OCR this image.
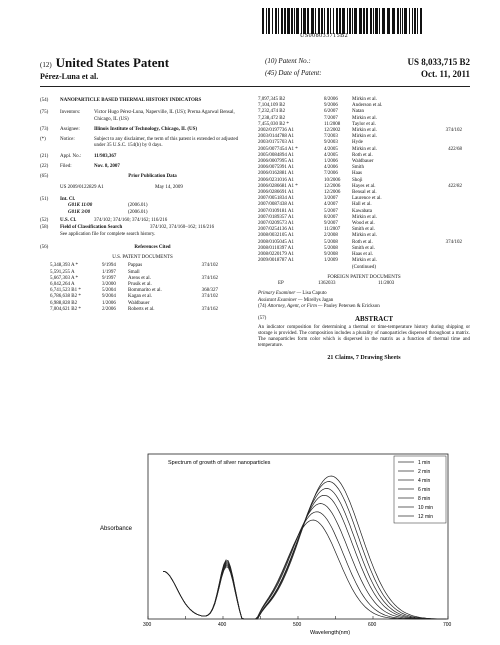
US008033715B2
(12) United States Patent
Pérez-Luna et al.
(10) Patent No.:	US 8,033,715 B2
(45) Date of Patent:	Oct. 11, 2011
(54)	NANOPARTICLE BASED THERMAL HISTORY INDICATORS
(75)	Inventors:	Victor Hugo Pérez-Luna, Naperville, IL (US); Prerna Agarwal Bensal, Chicago, IL (US)
(73)	Assignee:	Illinois Institute of Technology, Chicago, IL (US)
(*)	Notice:	Subject to any disclaimer, the term of this patent is extended or adjusted under 35 U.S.C. 154(b) by 0 days.
(21)	Appl. No.:	11/983,367
(22)	Filed:	Nov. 8, 2007
(65)	Prior Publication Data
US 2009/0122829 A1	May 14, 2009
(51)	Int. Cl.
G01K 11/00	(2006.01)
G01K 3/00	(2006.01)
(52)	U.S. Cl.	374/102; 374/160; 374/162; 116/216
(58)	Field of Classification Search	374/102, 374/160–162; 116/216
See application file for complete search history.
(56)	References Cited
U.S. PATENT DOCUMENTS
5,348,393 A *	9/1994	Pappas	374/102
5,591,255 A	1/1997	Small	
5,667,303 A *	9/1997	Arens et al.	374/162
6,042,264 A	3/2000	Prusik et al.	
6,741,523 B1 *	5/2004	Bommarito et al.	368/327
6,786,638 B2 *	9/2004	Kagan et al.	374/102
6,988,828 B2	1/2006	Waldbauer	
7,004,621 B2 *	2/2006	Roberts et al.	374/162
7,097,345 B2	8/2006	Mirkin et al.	
7,104,109 B2	9/2006	Anderson et al.	
7,232,474 B2	6/2007	Natan	
7,238,472 B2	7/2007	Mirkin et al.	
7,455,030 B2 *	11/2008	Taylor et al.	
2002/0197736 A1	12/2002	Mirkin et al.	374/102
2003/0144788 A1	7/2003	Mirkin et al.	
2003/0175703 A1	9/2003	Hyde	
2005/0077454 A1 *	4/2005	Mirkin et al.	422/68
2005/0084894 A1	4/2005	Roth et al.	
2006/0007995 A1	1/2006	Waldbauer	
2006/0075991 A1	4/2006	Smith	
2006/0162881 A1	7/2006	Haas	
2006/0231016 A1	10/2006	Shoji	
2006/0286681 A1 *	12/2006	Hayes et al.	422/82
2006/0286691 A1	12/2006	Bensal et al.	
2007/0051834 A1	3/2007	Laurence et al.	
2007/0087438 A1	4/2007	Hall et al.	
2007/0109181 A1	5/2007	Kawabata	
2007/0189357 A1	8/2007	Mirkin et al.	
2007/0209573 A1	9/2007	Wood et al.	
2007/0254136 A1	11/2007	Smith et al.	
2008/0032105 A1	2/2008	Mirkin et al.	
2008/0105045 A1	5/2008	Roth et al.	374/102
2008/0110397 A1	5/2008	Smith et al.	
2008/0220179 A1	9/2008	Haas et al.	
2009/0018787 A1	1/2009	Mirkin et al.	
(Continued)
FOREIGN PATENT DOCUMENTS
EP	1362033	11/2003
Primary Examiner — Lisa Caputo
Assistant Examiner — Mirellys Jagan
(74) Attorney, Agent, or Firm — Pauley Petersen & Erickson
(57)	ABSTRACT
An indicator composition for determining a thermal or time-temperature history during shipping or storage is provided. The composition includes a plurality of nanoparticles dispersed throughout a matrix. The nanoparticles form color which is dispersed in the matrix as a function of thermal time and temperature.
21 Claims, 7 Drawing Sheets
Absorbance
Wavelength(nm)
Spectrum of growth of silver nanoparticles
300	400	500	600	700
1 min
2 min
4 min
6 min
8 min
10 min
12 min
